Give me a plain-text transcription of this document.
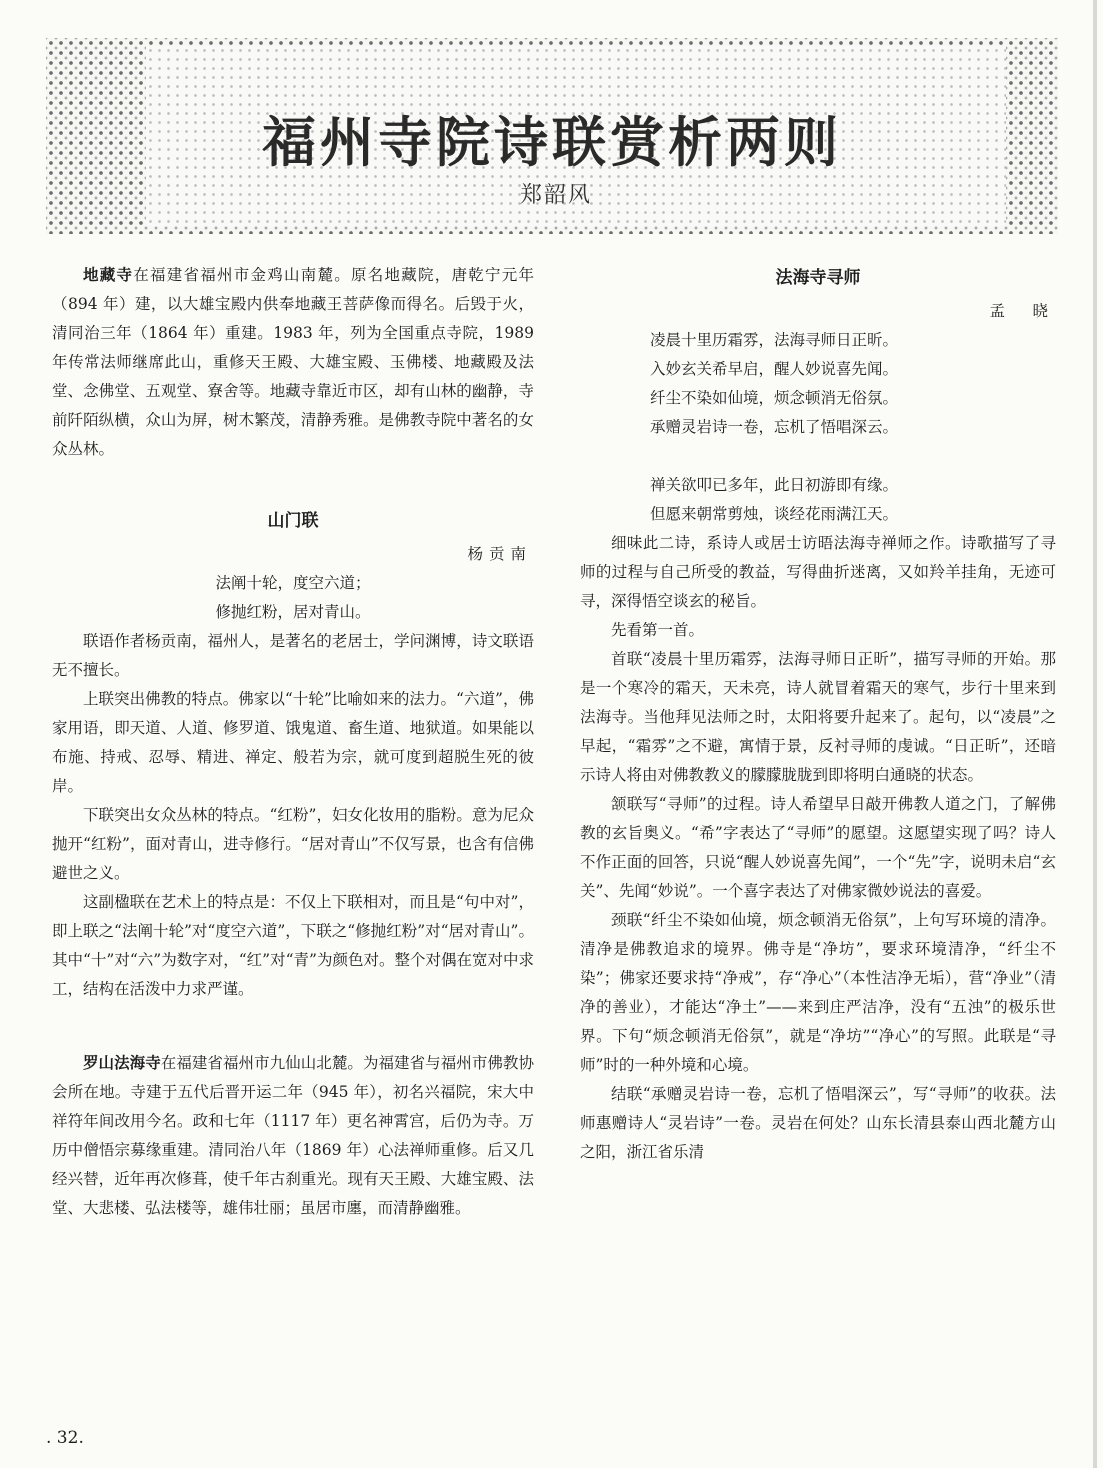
福州寺院诗联赏析两则
郑韶风

地藏寺在福建省福州市金鸡山南麓。原名地藏院，唐乾宁元年（894 年）建，以大雄宝殿内供奉地藏王菩萨像而得名。后毁于火，清同治三年（1864 年）重建。1983 年，列为全国重点寺院，1989 年传常法师继席此山，重修天王殿、大雄宝殿、玉佛楼、地藏殿及法堂、念佛堂、五观堂、寮舍等。地藏寺靠近市区，却有山林的幽静，寺前阡陌纵横，众山为屏，树木繁茂，清静秀雅。是佛教寺院中著名的女众丛林。

山门联

杨贡南

法阐十轮，度空六道；

修抛红粉，居对青山。

联语作者杨贡南，福州人，是著名的老居士，学问渊博，诗文联语无不擅长。

上联突出佛教的特点。佛家以“十轮”比喻如来的法力。“六道”，佛家用语，即天道、人道、修罗道、饿鬼道、畜生道、地狱道。如果能以布施、持戒、忍辱、精进、禅定、般若为宗，就可度到超脱生死的彼岸。

下联突出女众丛林的特点。“红粉”，妇女化妆用的脂粉。意为尼众抛开“红粉”，面对青山，进寺修行。“居对青山”不仅写景，也含有信佛避世之义。

这副楹联在艺术上的特点是：不仅上下联相对，而且是“句中对”，即上联之“法阐十轮”对“度空六道”，下联之“修抛红粉”对“居对青山”。其中“十”对“六”为数字对，“红”对“青”为颜色对。整个对偶在宽对中求工，结构在活泼中力求严谨。

罗山法海寺在福建省福州市九仙山北麓。为福建省与福州市佛教协会所在地。寺建于五代后晋开运二年（945 年），初名兴福院，宋大中祥符年间改用今名。政和七年（1117 年）更名神霄宫，后仍为寺。万历中僧悟宗募缘重建。清同治八年（1869 年）心法禅师重修。后又几经兴替，近年再次修葺，使千年古刹重光。现有天王殿、大雄宝殿、法堂、大悲楼、弘法楼等，雄伟壮丽；虽居市廛，而清静幽雅。

法海寺寻师

孟　晓

凌晨十里历霜雰，法海寻师日正昕。

入妙玄关希早启，醒人妙说喜先闻。

纤尘不染如仙境，烦念顿消无俗氛。

承赠灵岩诗一卷，忘机了悟唱深云。

禅关欲叩已多年，此日初游即有缘。

但愿来朝常剪烛，谈经花雨满江天。

细味此二诗，系诗人或居士访晤法海寺禅师之作。诗歌描写了寻师的过程与自己所受的教益，写得曲折迷离，又如羚羊挂角，无迹可寻，深得悟空谈玄的秘旨。

先看第一首。

首联“凌晨十里历霜雰，法海寻师日正昕”，描写寻师的开始。那是一个寒冷的霜天，天未亮，诗人就冒着霜天的寒气，步行十里来到法海寺。当他拜见法师之时，太阳将要升起来了。起句，以“凌晨”之早起，“霜雰”之不避，寓情于景，反衬寻师的虔诚。“日正昕”，还暗示诗人将由对佛教教义的朦朦胧胧到即将明白通晓的状态。

颔联写“寻师”的过程。诗人希望早日敲开佛教人道之门，了解佛教的玄旨奥义。“希”字表达了“寻师”的愿望。这愿望实现了吗？诗人不作正面的回答，只说“醒人妙说喜先闻”，一个“先”字，说明未启“玄关”、先闻“妙说”。一个喜字表达了对佛家微妙说法的喜爱。

颈联“纤尘不染如仙境，烦念顿消无俗氛”，上句写环境的清净。清净是佛教追求的境界。佛寺是“净坊”，要求环境清净，“纤尘不染”；佛家还要求持“净戒”，存“净心”（本性洁净无垢），营“净业”（清净的善业），才能达“净土”——来到庄严洁净，没有“五浊”的极乐世界。下句“烦念顿消无俗氛”，就是“净坊”“净心”的写照。此联是“寻师”时的一种外境和心境。

结联“承赠灵岩诗一卷，忘机了悟唱深云”，写“寻师”的收获。法师惠赠诗人“灵岩诗”一卷。灵岩在何处？山东长清县泰山西北麓方山之阳，浙江省乐清

. 32.
